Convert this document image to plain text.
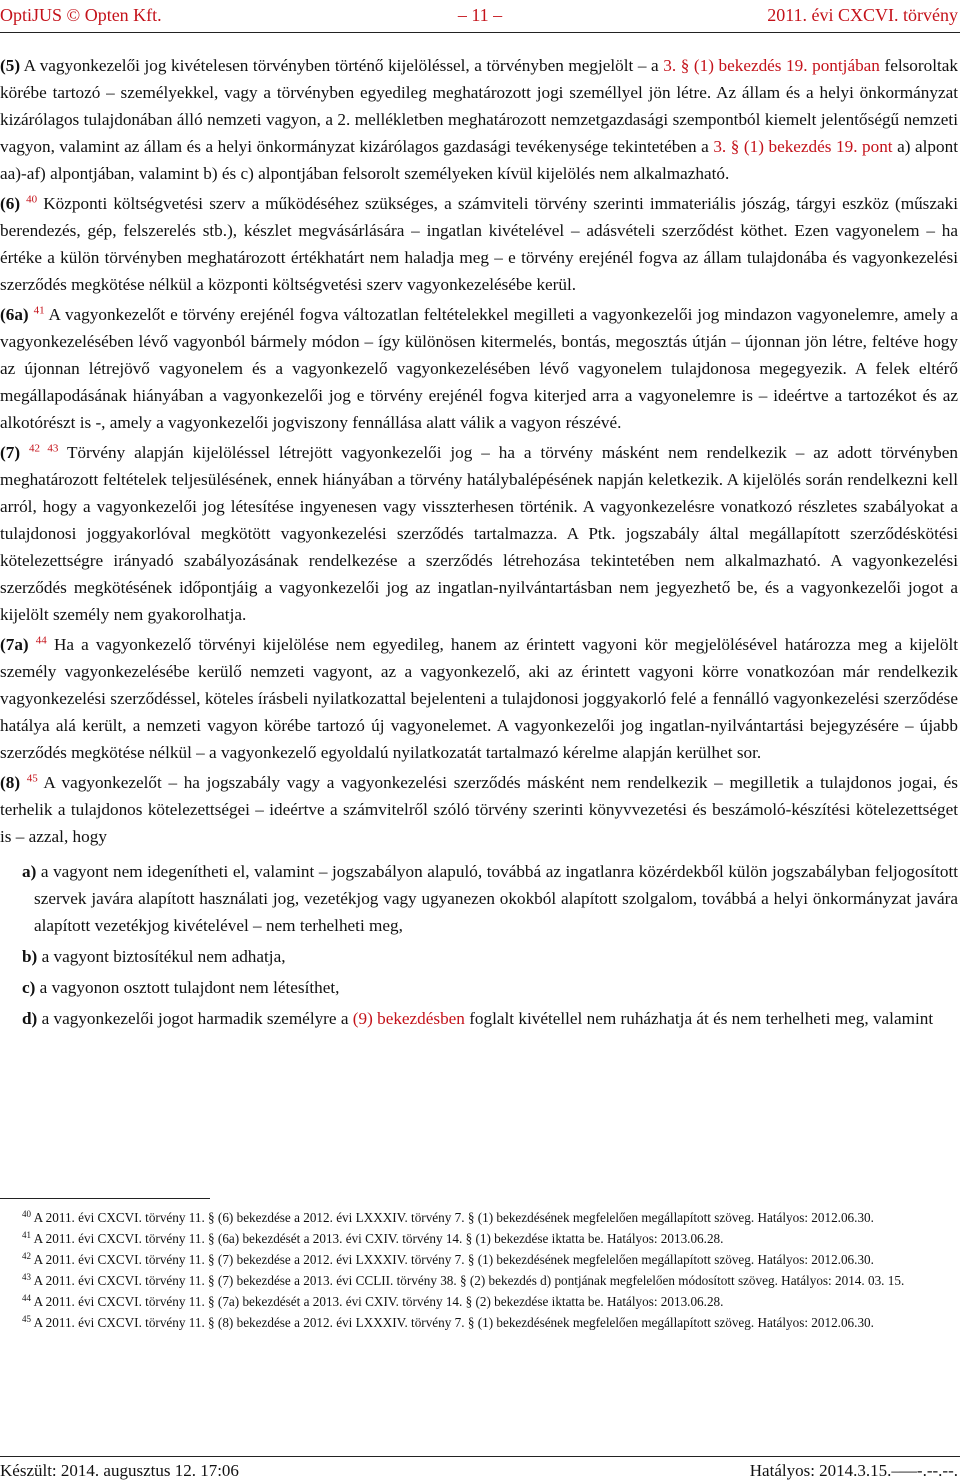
OptiJUS © Opten Kft.	– 11 –	2011. évi CXCVI. törvény

(5) A vagyonkezelői jog kivételesen törvényben történő kijelöléssel, a törvényben megjelölt – a 3. § (1) bekezdés 19. pontjában felsoroltak körébe tartozó – személyekkel, vagy a törvényben egyedileg meghatározott jogi személlyel jön létre. Az állam és a helyi önkormányzat kizárólagos tulajdonában álló nemzeti vagyon, a 2. mellékletben meghatározott nemzetgazdasági szempontból kiemelt jelentőségű nemzeti vagyon, valamint az állam és a helyi önkormányzat kizárólagos gazdasági tevékenysége tekintetében a 3. § (1) bekezdés 19. pont a) alpont aa)-af) alpontjában, valamint b) és c) alpontjában felsorolt személyeken kívül kijelölés nem alkalmazható.

(6) $^{40}$ Központi költségvetési szerv a működéséhez szükséges, a számviteli törvény szerinti immateriális jószág, tárgyi eszköz (műszaki berendezés, gép, felszerelés stb.), készlet megvásárlására – ingatlan kivételével – adásvételi szerződést köthet. Ezen vagyonelem – ha értéke a külön törvényben meghatározott értékhatárt nem haladja meg – e törvény erejénél fogva az állam tulajdonába és vagyonkezelési szerződés megkötése nélkül a központi költségvetési szerv vagyonkezelésébe kerül.

(6a) $^{41}$ A vagyonkezelőt e törvény erejénél fogva változatlan feltételekkel megilleti a vagyonkezelői jog mindazon vagyonelemre, amely a vagyonkezelésében lévő vagyonból bármely módon – így különösen kitermelés, bontás, megosztás útján – újonnan jön létre, feltéve hogy az újonnan létrejövő vagyonelem és a vagyonkezelő vagyonkezelésében lévő vagyonelem tulajdonosa megegyezik. A felek eltérő megállapodásának hiányában a vagyonkezelői jog e törvény erejénél fogva kiterjed arra a vagyonelemre is – ideértve a tartozékot és az alkotórészt is -, amely a vagyonkezelői jogviszony fennállása alatt válik a vagyon részévé.

(7) $^{42 43}$ Törvény alapján kijelöléssel létrejött vagyonkezelői jog – ha a törvény másként nem rendelkezik – az adott törvényben meghatározott feltételek teljesülésének, ennek hiányában a törvény hatálybalépésének napján keletkezik. A kijelölés során rendelkezni kell arról, hogy a vagyonkezelői jog létesítése ingyenesen vagy visszterhesen történik. A vagyonkezelésre vonatkozó részletes szabályokat a tulajdonosi joggyakorlóval megkötött vagyonkezelési szerződés tartalmazza. A Ptk. jogszabály által megállapított szerződéskötési kötelezettségre irányadó szabályozásának rendelkezése a szerződés létrehozása tekintetében nem alkalmazható. A vagyonkezelési szerződés megkötésének időpontjáig a vagyonkezelői jog az ingatlan-nyilvántartásban nem jegyezhető be, és a vagyonkezelői jogot a kijelölt személy nem gyakorolhatja.

(7a) $^{44}$ Ha a vagyonkezelő törvényi kijelölése nem egyedileg, hanem az érintett vagyoni kör megjelölésével határozza meg a kijelölt személy vagyonkezelésébe kerülő nemzeti vagyont, az a vagyonkezelő, aki az érintett vagyoni körre vonatkozóan már rendelkezik vagyonkezelési szerződéssel, köteles írásbeli nyilatkozattal bejelenteni a tulajdonosi joggyakorló felé a fennálló vagyonkezelési szerződése hatálya alá került, a nemzeti vagyon körébe tartozó új vagyonelemet. A vagyonkezelői jog ingatlan-nyilvántartási bejegyzésére – újabb szerződés megkötése nélkül – a vagyonkezelő egyoldalú nyilatkozatát tartalmazó kérelme alapján kerülhet sor.

(8) $^{45}$ A vagyonkezelőt – ha jogszabály vagy a vagyonkezelési szerződés másként nem rendelkezik – megilletik a tulajdonos jogai, és terhelik a tulajdonos kötelezettségei – ideértve a számvitelről szóló törvény szerinti könyvvezetési és beszámoló-készítési kötelezettséget is – azzal, hogy

a) a vagyont nem idegenítheti el, valamint – jogszabályon alapuló, továbbá az ingatlanra közérdekből külön jogszabályban feljogosított szervek javára alapított használati jog, vezetékjog vagy ugyanezen okokból alapított szolgalom, továbbá a helyi önkormányzat javára alapított vezetékjog kivételével – nem terhelheti meg,
b) a vagyont biztosítékul nem adhatja,
c) a vagyonon osztott tulajdont nem létesíthet,
d) a vagyonkezelői jogot harmadik személyre a (9) bekezdésben foglalt kivétellel nem ruházhatja át és nem terhelheti meg, valamint

$^{40}$ A 2011. évi CXCVI. törvény 11. § (6) bekezdése a 2012. évi LXXXIV. törvény 7. § (1) bekezdésének megfelelően megállapított szöveg. Hatályos: 2012.06.30.

$^{41}$ A 2011. évi CXCVI. törvény 11. § (6a) bekezdését a 2013. évi CXIV. törvény 14. § (1) bekezdése iktatta be. Hatályos: 2013.06.28.

$^{42}$ A 2011. évi CXCVI. törvény 11. § (7) bekezdése a 2012. évi LXXXIV. törvény 7. § (1) bekezdésének megfelelően megállapított szöveg. Hatályos: 2012.06.30.

$^{43}$ A 2011. évi CXCVI. törvény 11. § (7) bekezdése a 2013. évi CCLII. törvény 38. § (2) bekezdés d) pontjának megfelelően módosított szöveg. Hatályos: 2014. 03. 15.

$^{44}$ A 2011. évi CXCVI. törvény 11. § (7a) bekezdését a 2013. évi CXIV. törvény 14. § (2) bekezdése iktatta be. Hatályos: 2013.06.28.

$^{45}$ A 2011. évi CXCVI. törvény 11. § (8) bekezdése a 2012. évi LXXXIV. törvény 7. § (1) bekezdésének megfelelően megállapított szöveg. Hatályos: 2012.06.30.

Készült: 2014. augusztus 12. 17:06	Hatályos: 2014.3.15.–—-.--.--.
